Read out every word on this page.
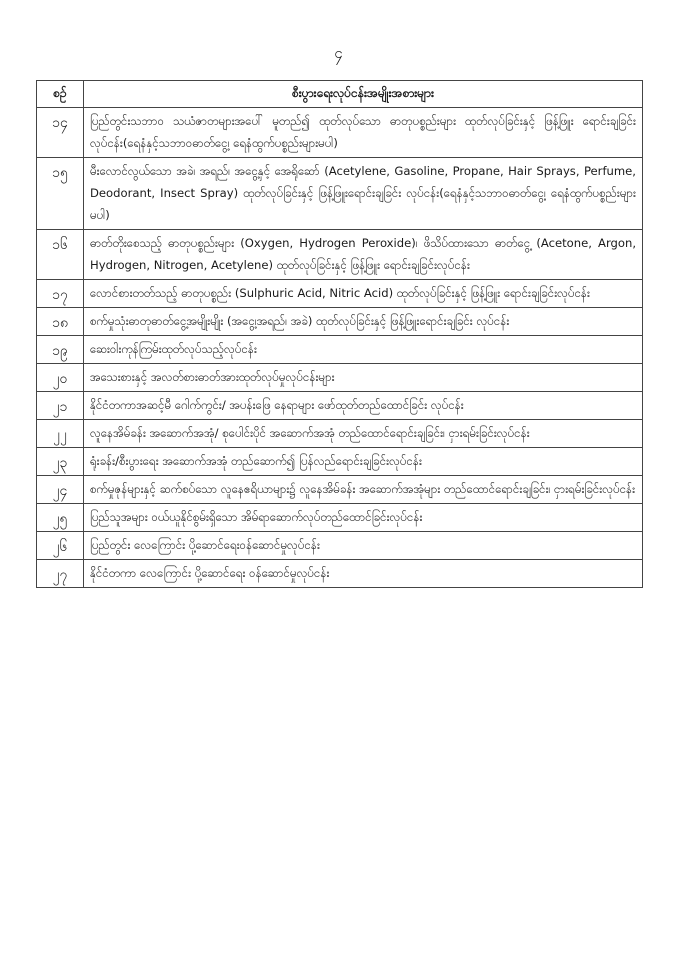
၄
စဉ်	စီးပွားရေးလုပ်ငန်းအမျိုးအစားများ
၁၄	ပြည်တွင်းသဘာဝ သယံဇာတများအပေါ် မူတည်၍ ထုတ်လုပ်သော ဓာတုပစ္စည်းများ ထုတ်လုပ်ခြင်းနှင့် ဖြန့်ဖြူး ရောင်းချခြင်းလုပ်ငန်း(ရေနံနှင့်သဘာဝဓာတ်ငွေ့၊ ရေနံထွက်ပစ္စည်းများမပါ)
၁၅	မီးလောင်လွယ်သော အခဲ၊ အရည်၊ အငွေ့နှင့် အေရိုဆော် (Acetylene, Gasoline, Propane, Hair Sprays, Perfume, Deodorant, Insect Spray) ထုတ်လုပ်ခြင်းနှင့် ဖြန့်ဖြူးရောင်းချခြင်း လုပ်ငန်း(ရေနံနှင့်သဘာဝဓာတ်ငွေ့၊ ရေနံထွက်ပစ္စည်းများ မပါ)
၁၆	ဓာတ်တိုးစေသည့် ဓာတုပစ္စည်းများ (Oxygen, Hydrogen Peroxide)၊ ဖိသိပ်ထားသော ဓာတ်ငွေ့ (Acetone, Argon, Hydrogen, Nitrogen, Acetylene) ထုတ်လုပ်ခြင်းနှင့် ဖြန့်ဖြူး ရောင်းချခြင်းလုပ်ငန်း
၁၇	လောင်စားတတ်သည့် ဓာတုပစ္စည်း (Sulphuric Acid, Nitric Acid) ထုတ်လုပ်ခြင်းနှင့် ဖြန့်ဖြူး ရောင်းချခြင်းလုပ်ငန်း
၁၈	စက်မှုသုံးဓာတုဓာတ်ငွေ့အမျိုးမျိုး (အငွေ့၊အရည်၊ အခဲ) ထုတ်လုပ်ခြင်းနှင့် ဖြန့်ဖြူးရောင်းချခြင်း လုပ်ငန်း
၁၉	ဆေးဝါးကုန်ကြမ်းထုတ်လုပ်သည့်လုပ်ငန်း
၂၀	အသေးစားနှင့် အလတ်စားဓာတ်အားထုတ်လုပ်မှုလုပ်ငန်းများ
၂၁	နိုင်ငံတကာအဆင့်မီ ဂေါက်ကွင်း/ အပန်းဖြေ နေရာများ ဖော်ထုတ်တည်ထောင်ခြင်း လုပ်ငန်း
၂၂	လူနေအိမ်ခန်း အဆောက်အအုံ/ စုပေါင်းပိုင် အဆောက်အအုံ တည်ထောင်ရောင်းချခြင်း၊ ငှားရမ်းခြင်းလုပ်ငန်း
၂၃	ရုံးခန်း/စီးပွားရေး အဆောက်အအုံ တည်ဆောက်၍ ပြန်လည်ရောင်းချခြင်းလုပ်ငန်း
၂၄	စက်မှုဇုန်များနှင့် ဆက်စပ်သော လူနေဧရိယာများ၌ လူနေအိမ်ခန်း အဆောက်အအုံများ တည်ထောင်ရောင်းချခြင်း၊ ငှားရမ်းခြင်းလုပ်ငန်း
၂၅	ပြည်သူအများ ဝယ်ယူနိုင်စွမ်းရှိသော အိမ်ရာဆောက်လုပ်တည်ထောင်ခြင်းလုပ်ငန်း
၂၆	ပြည်တွင်း လေကြောင်း ပို့ဆောင်ရေးဝန်ဆောင်မှုလုပ်ငန်း
၂၇	နိုင်ငံတကာ လေကြောင်း ပို့ဆောင်ရေး ဝန်ဆောင်မှုလုပ်ငန်း
